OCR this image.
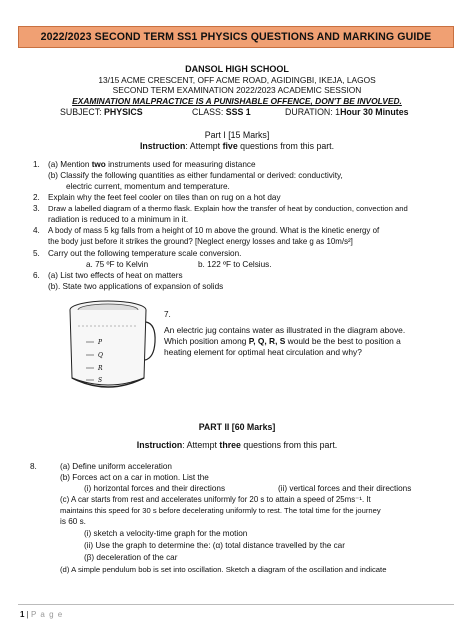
2022/2023 SECOND TERM SS1 PHYSICS QUESTIONS AND MARKING GUIDE
DANSOL HIGH SCHOOL
13/15 ACME CRESCENT, OFF ACME ROAD, AGIDINGBI, IKEJA, LAGOS
SECOND TERM EXAMINATION 2022/2023 ACADEMIC SESSION
EXAMINATION MALPRACTICE IS A PUNISHABLE OFFENCE, DON'T BE INVOLVED.
SUBJECT: PHYSICS	CLASS: SSS 1	DURATION: 1Hour 30 Minutes
Part I [15 Marks]
Instruction: Attempt five questions from this part.
1. (a) Mention two instruments used for measuring distance
(b) Classify the following quantities as either fundamental or derived: conductivity,
electric current, momentum and temperature.
2. Explain why the feet feel cooler on tiles than on rug on a hot day
3. Draw a labelled diagram of a thermo flask. Explain how the transfer of heat by conduction, convection and
radiation is reduced to a minimum in it.
4. A body of mass 5 kg falls from a height of 10 m above the ground. What is the kinetic energy of
the body just before it strikes the ground? [Neglect energy losses and take g as 10m/s²]
5. Carry out the following temperature scale conversion.
a. 75 ºF to Kelvin	b. 122 ºF to Celsius.
6. (a) List two effects of heat on matters
(b). State two applications of expansion of solids
P
Q
R
S
7.
An electric jug contains water as illustrated in the diagram above.
Which position among P, Q, R, S would be the best to position a
heating element for optimal heat circulation and why?
PART II [60 Marks]
Instruction: Attempt three questions from this part.
8.	(a) Define uniform acceleration
(b) Forces act on a car in motion. List the
(i) horizontal forces and their directions	(ii) vertical forces and their directions
(c) A car starts from rest and accelerates uniformly for 20 s to attain a speed of 25ms⁻¹. It
maintains this speed for 30 s before decelerating uniformly to rest. The total time for the journey
is 60 s.
(i) sketch a velocity-time graph for the motion
(ii) Use the graph to determine the: (α) total distance travelled by the car
(β) deceleration of the car
(d) A simple pendulum bob is set into oscillation. Sketch a diagram of the oscillation and indicate
1 | P a g e
